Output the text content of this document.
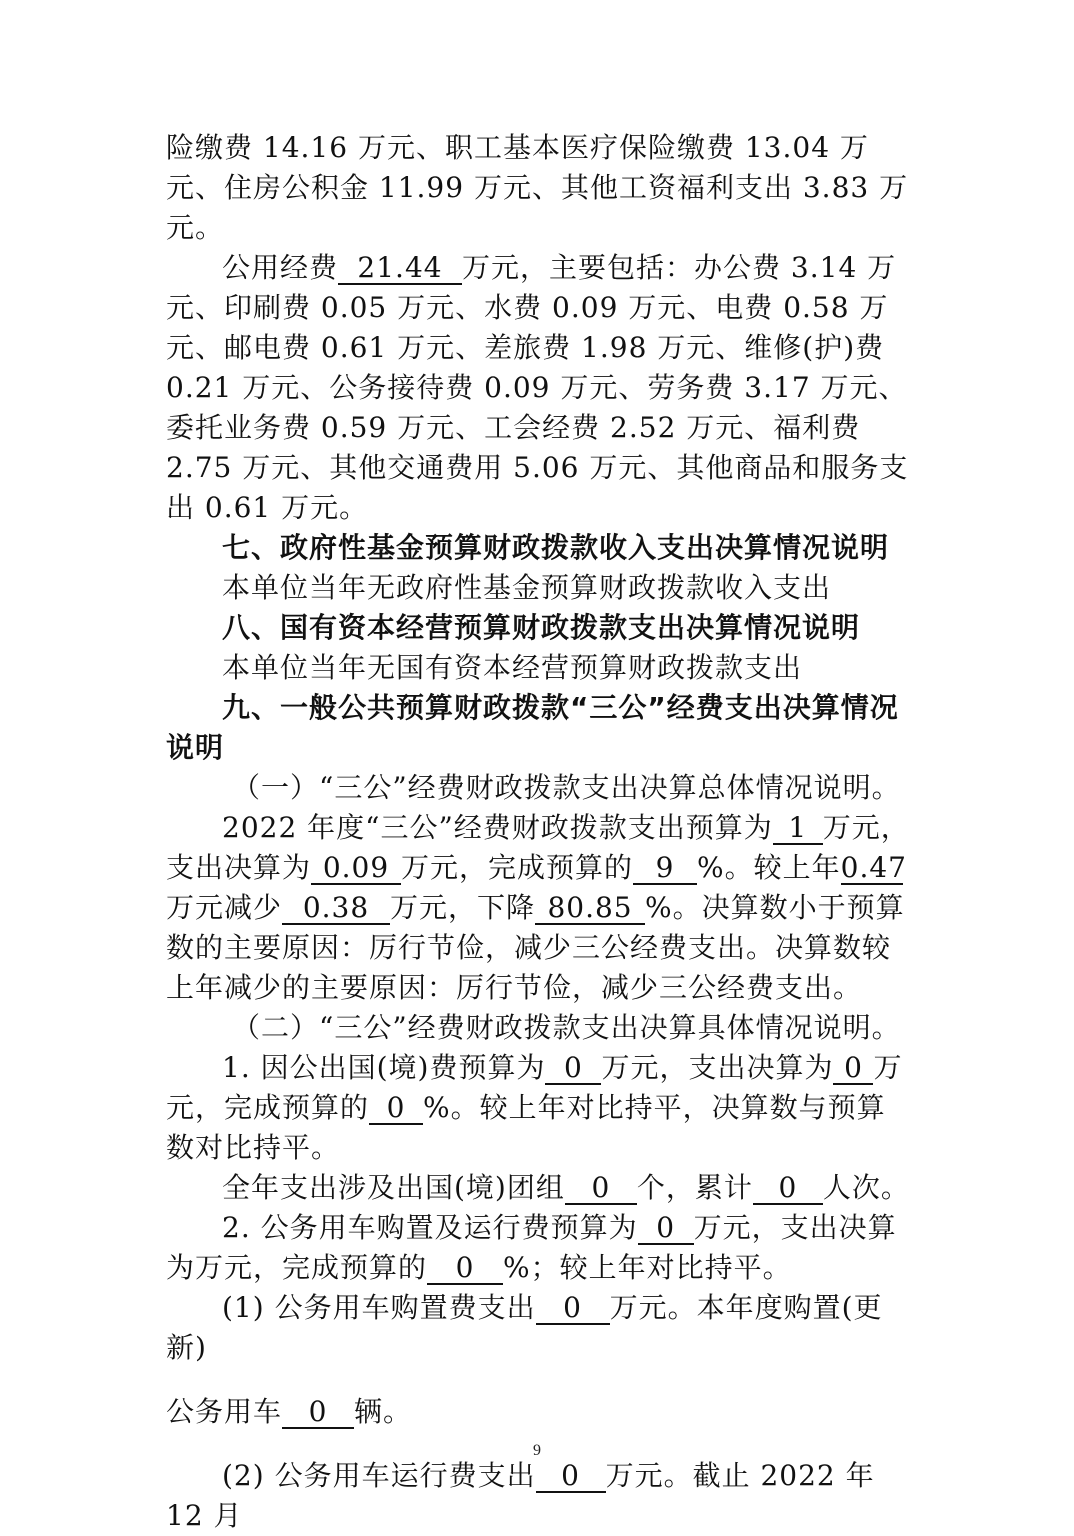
险缴费 14.16 万元、职工基本医疗保险缴费 13.04 万元、住房公积金 11.99 万元、其他工资福利支出 3.83 万元。

公用经费 21.44 万元，主要包括：办公费 3.14 万元、印刷费 0.05 万元、水费 0.09 万元、电费 0.58 万元、邮电费 0.61 万元、差旅费 1.98 万元、维修(护)费 0.21 万元、公务接待费 0.09 万元、劳务费 3.17 万元、委托业务费 0.59 万元、工会经费 2.52 万元、福利费 2.75 万元、其他交通费用 5.06 万元、其他商品和服务支出 0.61 万元。

七、政府性基金预算财政拨款收入支出决算情况说明

本单位当年无政府性基金预算财政拨款收入支出

八、国有资本经营预算财政拨款支出决算情况说明

本单位当年无国有资本经营预算财政拨款支出

九、一般公共预算财政拨款“三公”经费支出决算情况说明

（一）“三公”经费财政拨款支出决算总体情况说明。

2022 年度“三公”经费财政拨款支出预算为 1 万元，支出决算为 0.09 万元，完成预算的 9 %。较上年0.47万元减少 0.38 万元，下降 80.85 %。决算数小于预算数的主要原因：厉行节俭，减少三公经费支出。决算数较上年减少的主要原因：厉行节俭，减少三公经费支出。

（二）“三公”经费财政拨款支出决算具体情况说明。

1. 因公出国(境)费预算为 0 万元，支出决算为 0 万元，完成预算的 0 %。较上年对比持平，决算数与预算数对比持平。

全年支出涉及出国(境)团组 0 个，累计 0 人次。

2. 公务用车购置及运行费预算为 0 万元，支出决算为万元，完成预算的 0 %；较上年对比持平。

(1) 公务用车购置费支出 0 万元。本年度购置(更新)

公务用车 0 辆。

(2) 公务用车运行费支出 0 万元。截止 2022 年 12 月

9
